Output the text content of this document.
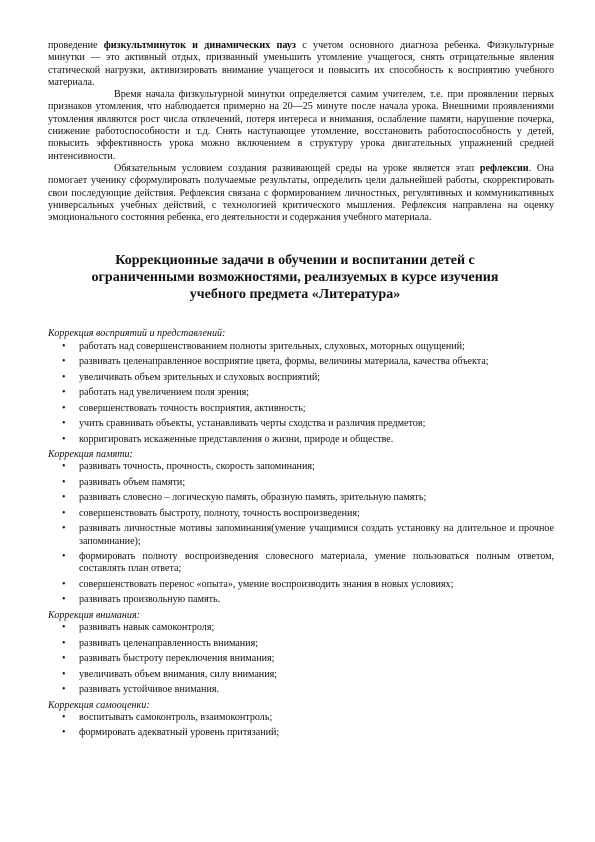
проведение физкультминуток и динамических пауз с учетом основного диагноза ребенка. Физкультурные минутки — это активный отдых, призванный уменьшить утомление учащегося, снять отрицательные явления статической нагрузки, активизировать внимание учащегося и повысить их способность к восприятию учебного материала.

Время начала физкультурной минутки определяется самим учителем, т.е. при проявлении первых признаков утомления, что наблюдается примерно на 20—25 минуте после начала урока. Внешними проявлениями утомления являются рост числа отвлечений, потеря интереса и внимания, ослабление памяти, нарушение почерка, снижение работоспособности и т.д. Снять наступающее утомление, восстановить работоспособность у детей, повысить эффективность урока можно включением в структуру урока двигательных упражнений средней интенсивности.

Обязательным условием создания развивающей среды на уроке является этап рефлексии. Она помогает ученику сформулировать получаемые результаты, определить цели дальнейшей работы, скорректировать свои последующие действия. Рефлексия связана с формированием личностных, регулятивных и коммуникативных универсальных учебных действий, с технологией критического мышления. Рефлексия направлена на оценку эмоционального состояния ребенка, его деятельности и содержания учебного материала.

Коррекционные задачи в обучении и воспитании детей с
ограниченными возможностями, реализуемых в курсе изучения
учебного предмета «Литература»

Коррекция восприятий и представлений:

• работать над совершенствованием полноты зрительных, слуховых, моторных ощущений;
• развивать целенаправленное восприятие цвета, формы, величины материала, качества объекта;
• увеличивать объем зрительных и слуховых восприятий;
• работать над увеличением поля зрения;
• совершенствовать точность восприятия, активность;
• учить сравнивать объекты, устанавливать черты сходства и различия предметов;
• корригировать искаженные представления о жизни, природе и обществе.

Коррекция памяти:

• развивать точность, прочность, скорость запоминания;
• развивать объем памяти;
• развивать словесно – логическую память, образную память, зрительную память;
• совершенствовать быстроту, полноту, точность воспроизведения;
• развивать личностные мотивы запоминания(умение учащимися создать установку на длительное и прочное запоминание);
• формировать полноту воспроизведения словесного материала, умение пользоваться полным ответом, составлять план ответа;
• совершенствовать перенос «опыта», умение воспроизводить знания в новых условиях;
• развивать произвольную память.

Коррекция внимания:

• развивать навык самоконтроля;
• развивать целенаправленность внимания;
• развивать быстроту переключения внимания;
• увеличивать объем внимания, силу внимания;
• развивать устойчивое внимания.

Коррекция самооценки:

• воспитывать самоконтроль, взаимоконтроль;
• формировать адекватный уровень притязаний;
